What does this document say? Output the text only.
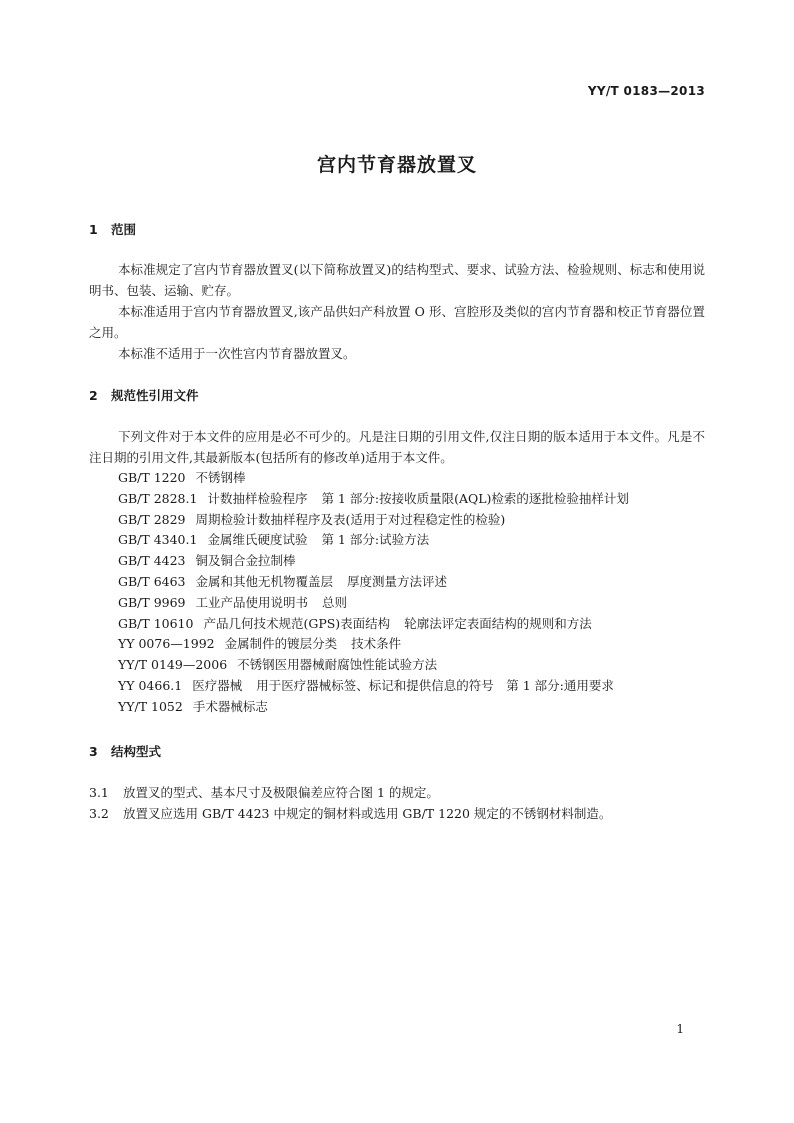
YY/T 0183—2013
宫内节育器放置叉
1 范围
本标准规定了宫内节育器放置叉(以下简称放置叉)的结构型式、要求、试验方法、检验规则、标志和使用说明书、包装、运输、贮存。
本标准适用于宫内节育器放置叉,该产品供妇产科放置 O 形、宫腔形及类似的宫内节育器和校正节育器位置之用。
本标准不适用于一次性宫内节育器放置叉。
2 规范性引用文件
下列文件对于本文件的应用是必不可少的。凡是注日期的引用文件,仅注日期的版本适用于本文件。凡是不注日期的引用文件,其最新版本(包括所有的修改单)适用于本文件。
GB/T 1220 不锈钢棒
GB/T 2828.1 计数抽样检验程序 第 1 部分:按接收质量限(AQL)检索的逐批检验抽样计划
GB/T 2829 周期检验计数抽样程序及表(适用于对过程稳定性的检验)
GB/T 4340.1 金属维氏硬度试验 第 1 部分:试验方法
GB/T 4423 铜及铜合金拉制棒
GB/T 6463 金属和其他无机物覆盖层 厚度测量方法评述
GB/T 9969 工业产品使用说明书 总则
GB/T 10610 产品几何技术规范(GPS)表面结构 轮廓法评定表面结构的规则和方法
YY 0076—1992 金属制件的镀层分类 技术条件
YY/T 0149—2006 不锈钢医用器械耐腐蚀性能试验方法
YY 0466.1 医疗器械 用于医疗器械标签、标记和提供信息的符号　第 1 部分:通用要求
YY/T 1052 手术器械标志
3 结构型式
3.1 放置叉的型式、基本尺寸及极限偏差应符合图 1 的规定。
3.2 放置叉应选用 GB/T 4423 中规定的铜材料或选用 GB/T 1220 规定的不锈钢材料制造。
1
